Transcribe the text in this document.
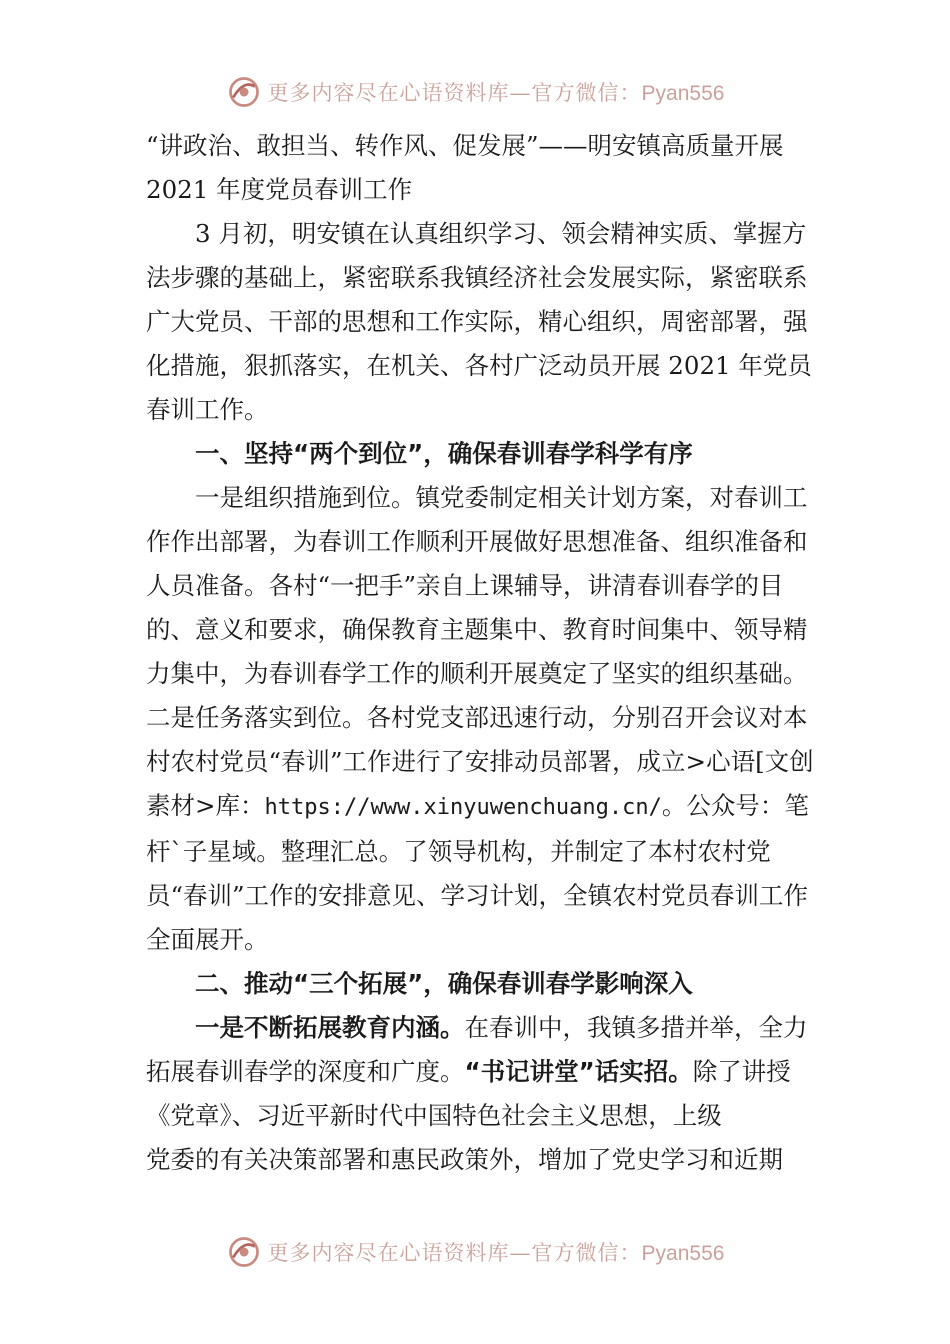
更多内容尽在心语资料库—官方微信：Pyan556

“讲政治、敢担当、转作风、促发展”——明安镇高质量开展 2021 年度党员春训工作

3 月初，明安镇在认真组织学习、领会精神实质、掌握方法步骤的基础上，紧密联系我镇经济社会发展实际，紧密联系广大党员、干部的思想和工作实际，精心组织，周密部署，强化措施，狠抓落实，在机关、各村广泛动员开展 2021 年党员春训工作。

一、坚持“两个到位”，确保春训春学科学有序

一是组织措施到位。镇党委制定相关计划方案，对春训工作作出部署，为春训工作顺利开展做好思想准备、组织准备和人员准备。各村“一把手”亲自上课辅导，讲清春训春学的目的、意义和要求，确保教育主题集中、教育时间集中、领导精力集中，为春训春学工作的顺利开展奠定了坚实的组织基础。二是任务落实到位。各村党支部迅速行动，分别召开会议对本村农村党员“春训”工作进行了安排动员部署，成立>心语[文创素材>库：https://www.xinyuwenchuang.cn/。公众号：笔杆`子星域。整理汇总。了领导机构，并制定了本村农村党员“春训”工作的安排意见、学习计划，全镇农村党员春训工作全面展开。

二、推动“三个拓展”，确保春训春学影响深入

一是不断拓展教育内涵。在春训中，我镇多措并举，全力拓展春训春学的深度和广度。“书记讲堂”话实招。除了讲授《党章》、习近平新时代中国特色社会主义思想，上级

党委的有关决策部署和惠民政策外，增加了党史学习和近期

更多内容尽在心语资料库—官方微信：Pyan556
